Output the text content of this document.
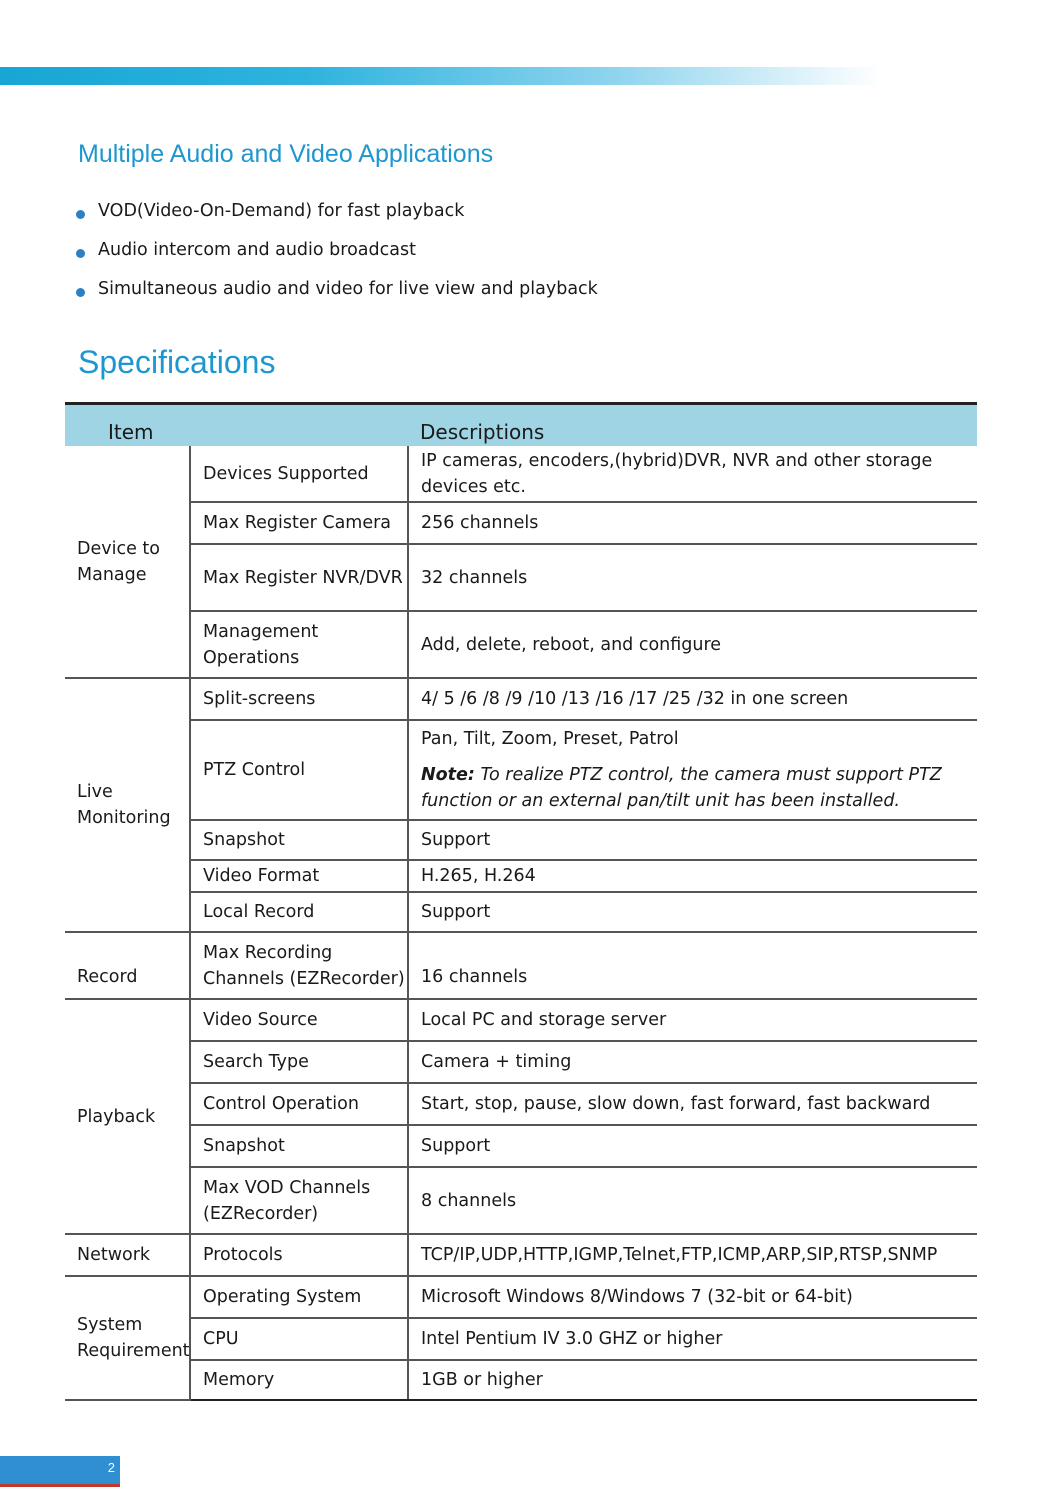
Multiple Audio and Video Applications
VOD(Video-On-Demand) for fast playback
Audio intercom and audio broadcast
Simultaneous audio and video for live view and playback
Specifications
Item		Descriptions
Device to Manage	Devices Supported	IP cameras, encoders,(hybrid)DVR, NVR and other storage devices etc.
	Max Register Camera	256 channels
	Max Register NVR/DVR	32 channels
	Management Operations	Add, delete, reboot, and configure
Live Monitoring	Split-screens	4/ 5 /6 /8 /9 /10 /13 /16 /17 /25 /32 in one screen
	PTZ Control	Pan, Tilt, Zoom, Preset, Patrol
Note: To realize PTZ control, the camera must support PTZ function or an external pan/tilt unit has been installed.

	Snapshot	Support
	Video Format	H.265, H.264
	Local Record	Support
Record	Max Recording Channels (EZRecorder)	16 channels
Playback	Video Source	Local PC and storage server
	Search Type	Camera + timing
	Control Operation	Start, stop, pause, slow down, fast forward, fast backward
	Snapshot	Support
	Max VOD Channels (EZRecorder)	8 channels
Network	Protocols	TCP/IP,UDP,HTTP,IGMP,Telnet,FTP,ICMP,ARP,SIP,RTSP,SNMP
System Requirement	Operating System	Microsoft Windows 8/Windows 7 (32-bit or 64-bit)
	CPU	Intel Pentium IV 3.0 GHZ or higher
	Memory	1GB or higher
2
